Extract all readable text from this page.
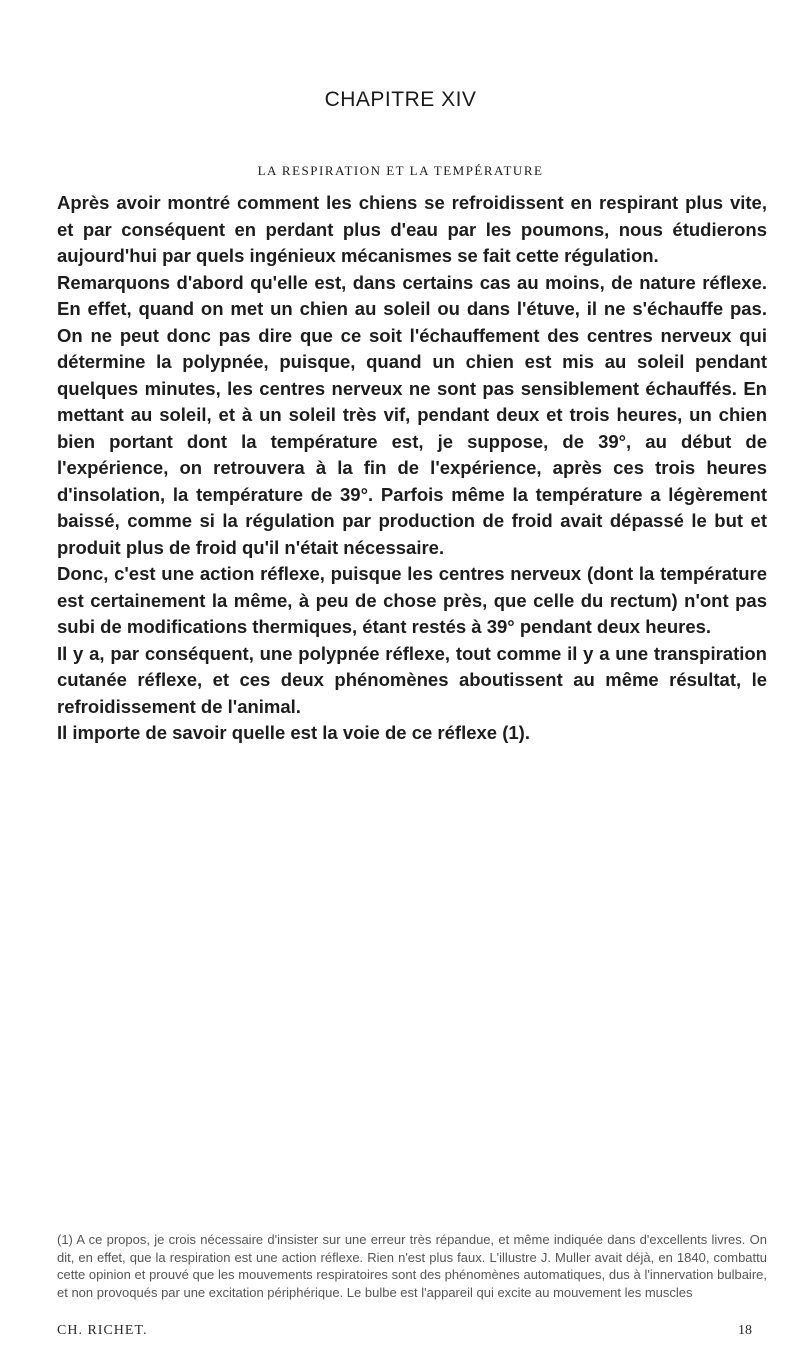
CHAPITRE XIV
LA RESPIRATION ET LA TEMPÉRATURE

Après avoir montré comment les chiens se refroidissent en respirant plus vite, et par conséquent en perdant plus d'eau par les poumons, nous étudierons aujourd'hui par quels ingénieux mécanismes se fait cette régulation.

Remarquons d'abord qu'elle est, dans certains cas au moins, de nature réflexe. En effet, quand on met un chien au soleil ou dans l'étuve, il ne s'échauffe pas. On ne peut donc pas dire que ce soit l'échauffement des centres nerveux qui détermine la polypnée, puisque, quand un chien est mis au soleil pendant quelques minutes, les centres nerveux ne sont pas sensiblement échauffés. En mettant au soleil, et à un soleil très vif, pendant deux et trois heures, un chien bien portant dont la température est, je suppose, de 39°, au début de l'expérience, on retrouvera à la fin de l'expérience, après ces trois heures d'insolation, la température de 39°. Parfois même la température a légèrement baissé, comme si la régulation par production de froid avait dépassé le but et produit plus de froid qu'il n'était nécessaire.

Donc, c'est une action réflexe, puisque les centres nerveux (dont la température est certainement la même, à peu de chose près, que celle du rectum) n'ont pas subi de modifications thermiques, étant restés à 39° pendant deux heures.

Il y a, par conséquent, une polypnée réflexe, tout comme il y a une transpiration cutanée réflexe, et ces deux phénomènes aboutissent au même résultat, le refroidissement de l'animal.

Il importe de savoir quelle est la voie de ce réflexe (1).

(1) A ce propos, je crois nécessaire d'insister sur une erreur très répandue, et même indiquée dans d'excellents livres. On dit, en effet, que la respiration est une action réflexe. Rien n'est plus faux. L'illustre J. Muller avait déjà, en 1840, combattu cette opinion et prouvé que les mouvements respiratoires sont des phénomènes automatiques, dus à l'innervation bulbaire, et non provoqués par une excitation périphérique. Le bulbe est l'appareil qui excite au mouvement les muscles

CH. RICHET.	18
